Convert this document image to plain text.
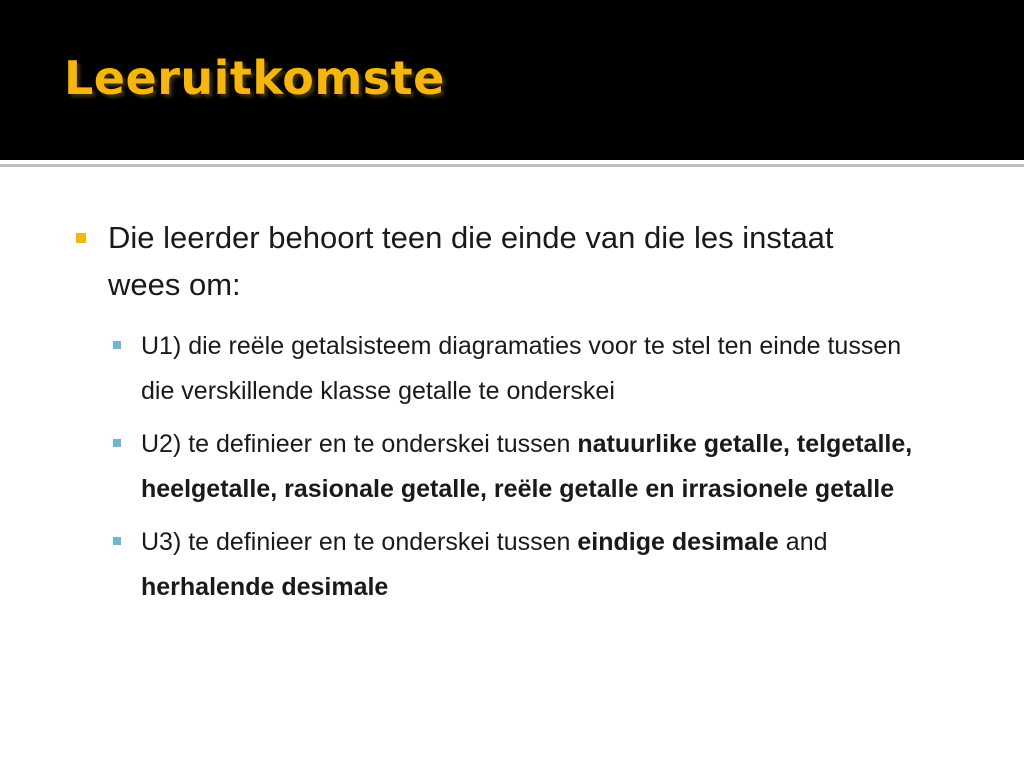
Leeruitkomste
Die leerder behoort teen die einde van die les instaat wees om:
U1) die reële getalsisteem diagramaties voor te stel ten einde tussen die verskillende klasse getalle te onderskei
U2) te definieer en te onderskei tussen natuurlike getalle, telgetalle, heelgetalle, rasionale getalle, reële getalle en irrasionele getalle
U3) te definieer en te onderskei tussen eindige desimale and herhalende desimale
